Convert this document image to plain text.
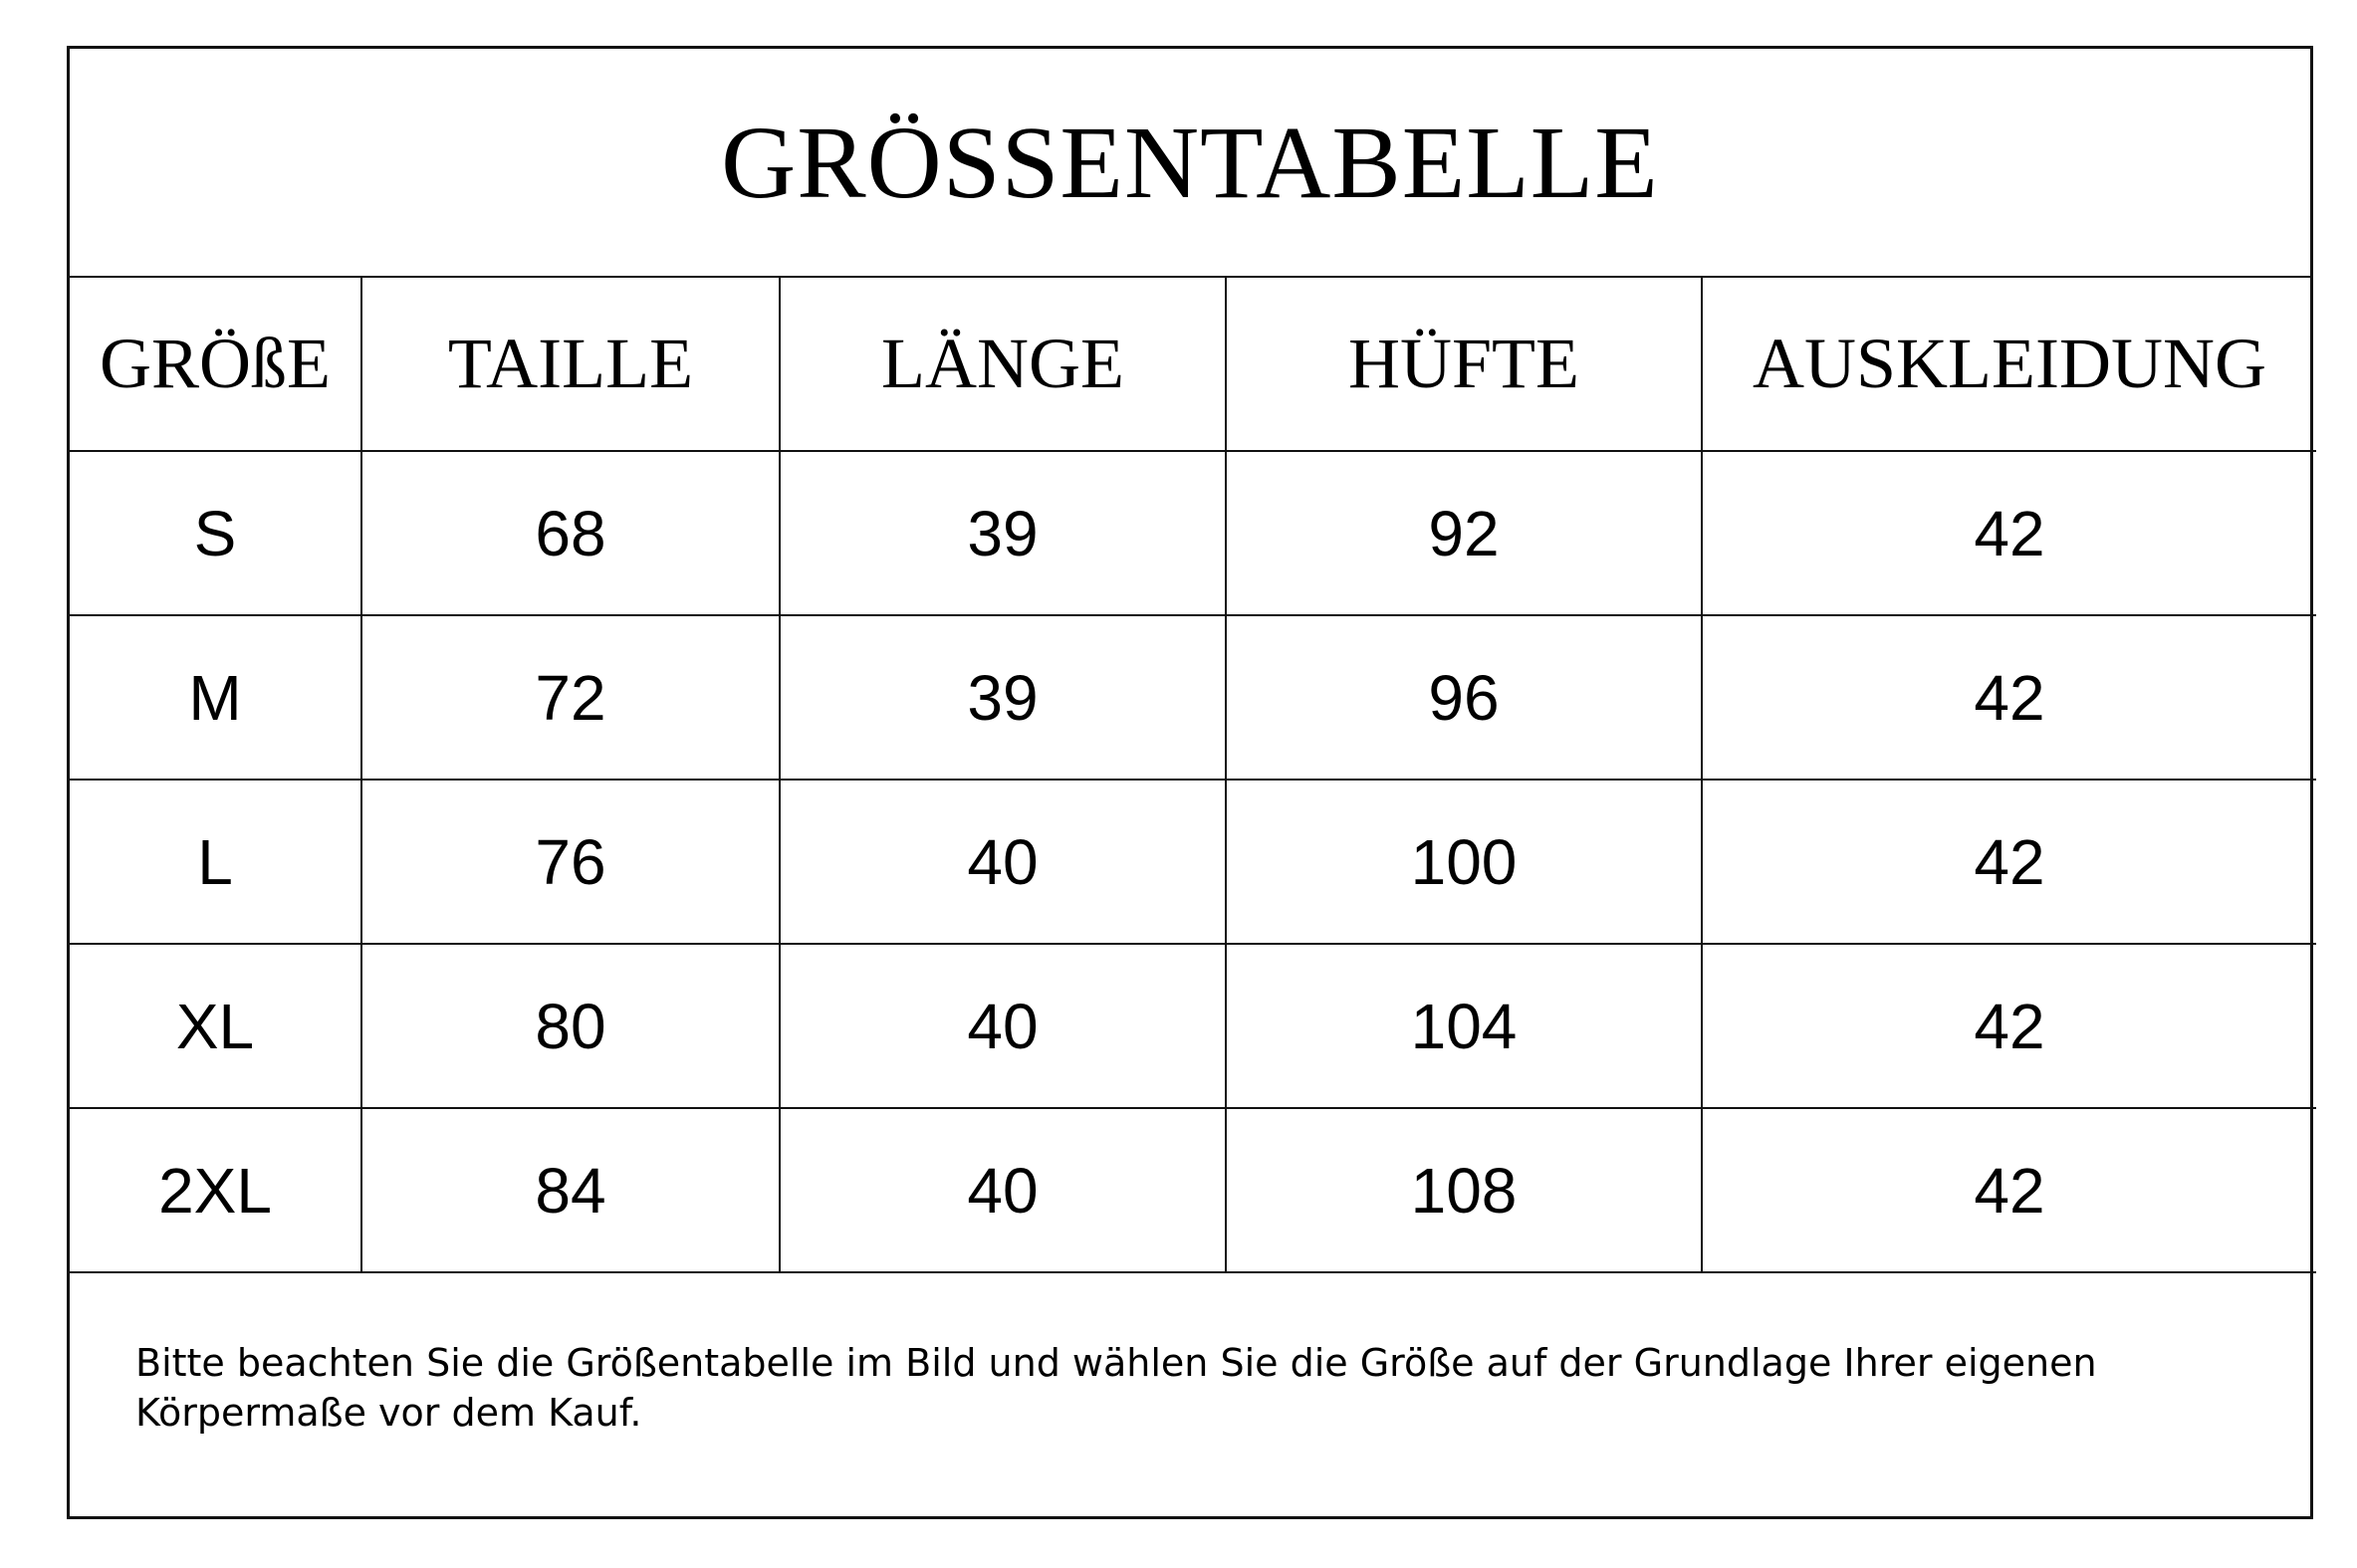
GRÖSSENTABELLE
GRÖßE	TAILLE	LÄNGE	HÜFTE	AUSKLEIDUNG
S	68	39	92	42
M	72	39	96	42
L	76	40	100	42
XL	80	40	104	42
2XL	84	40	108	42
Bitte beachten Sie die Größentabelle im Bild und wählen Sie die Größe auf der Grundlage Ihrer eigenen Körpermaße vor dem Kauf.
